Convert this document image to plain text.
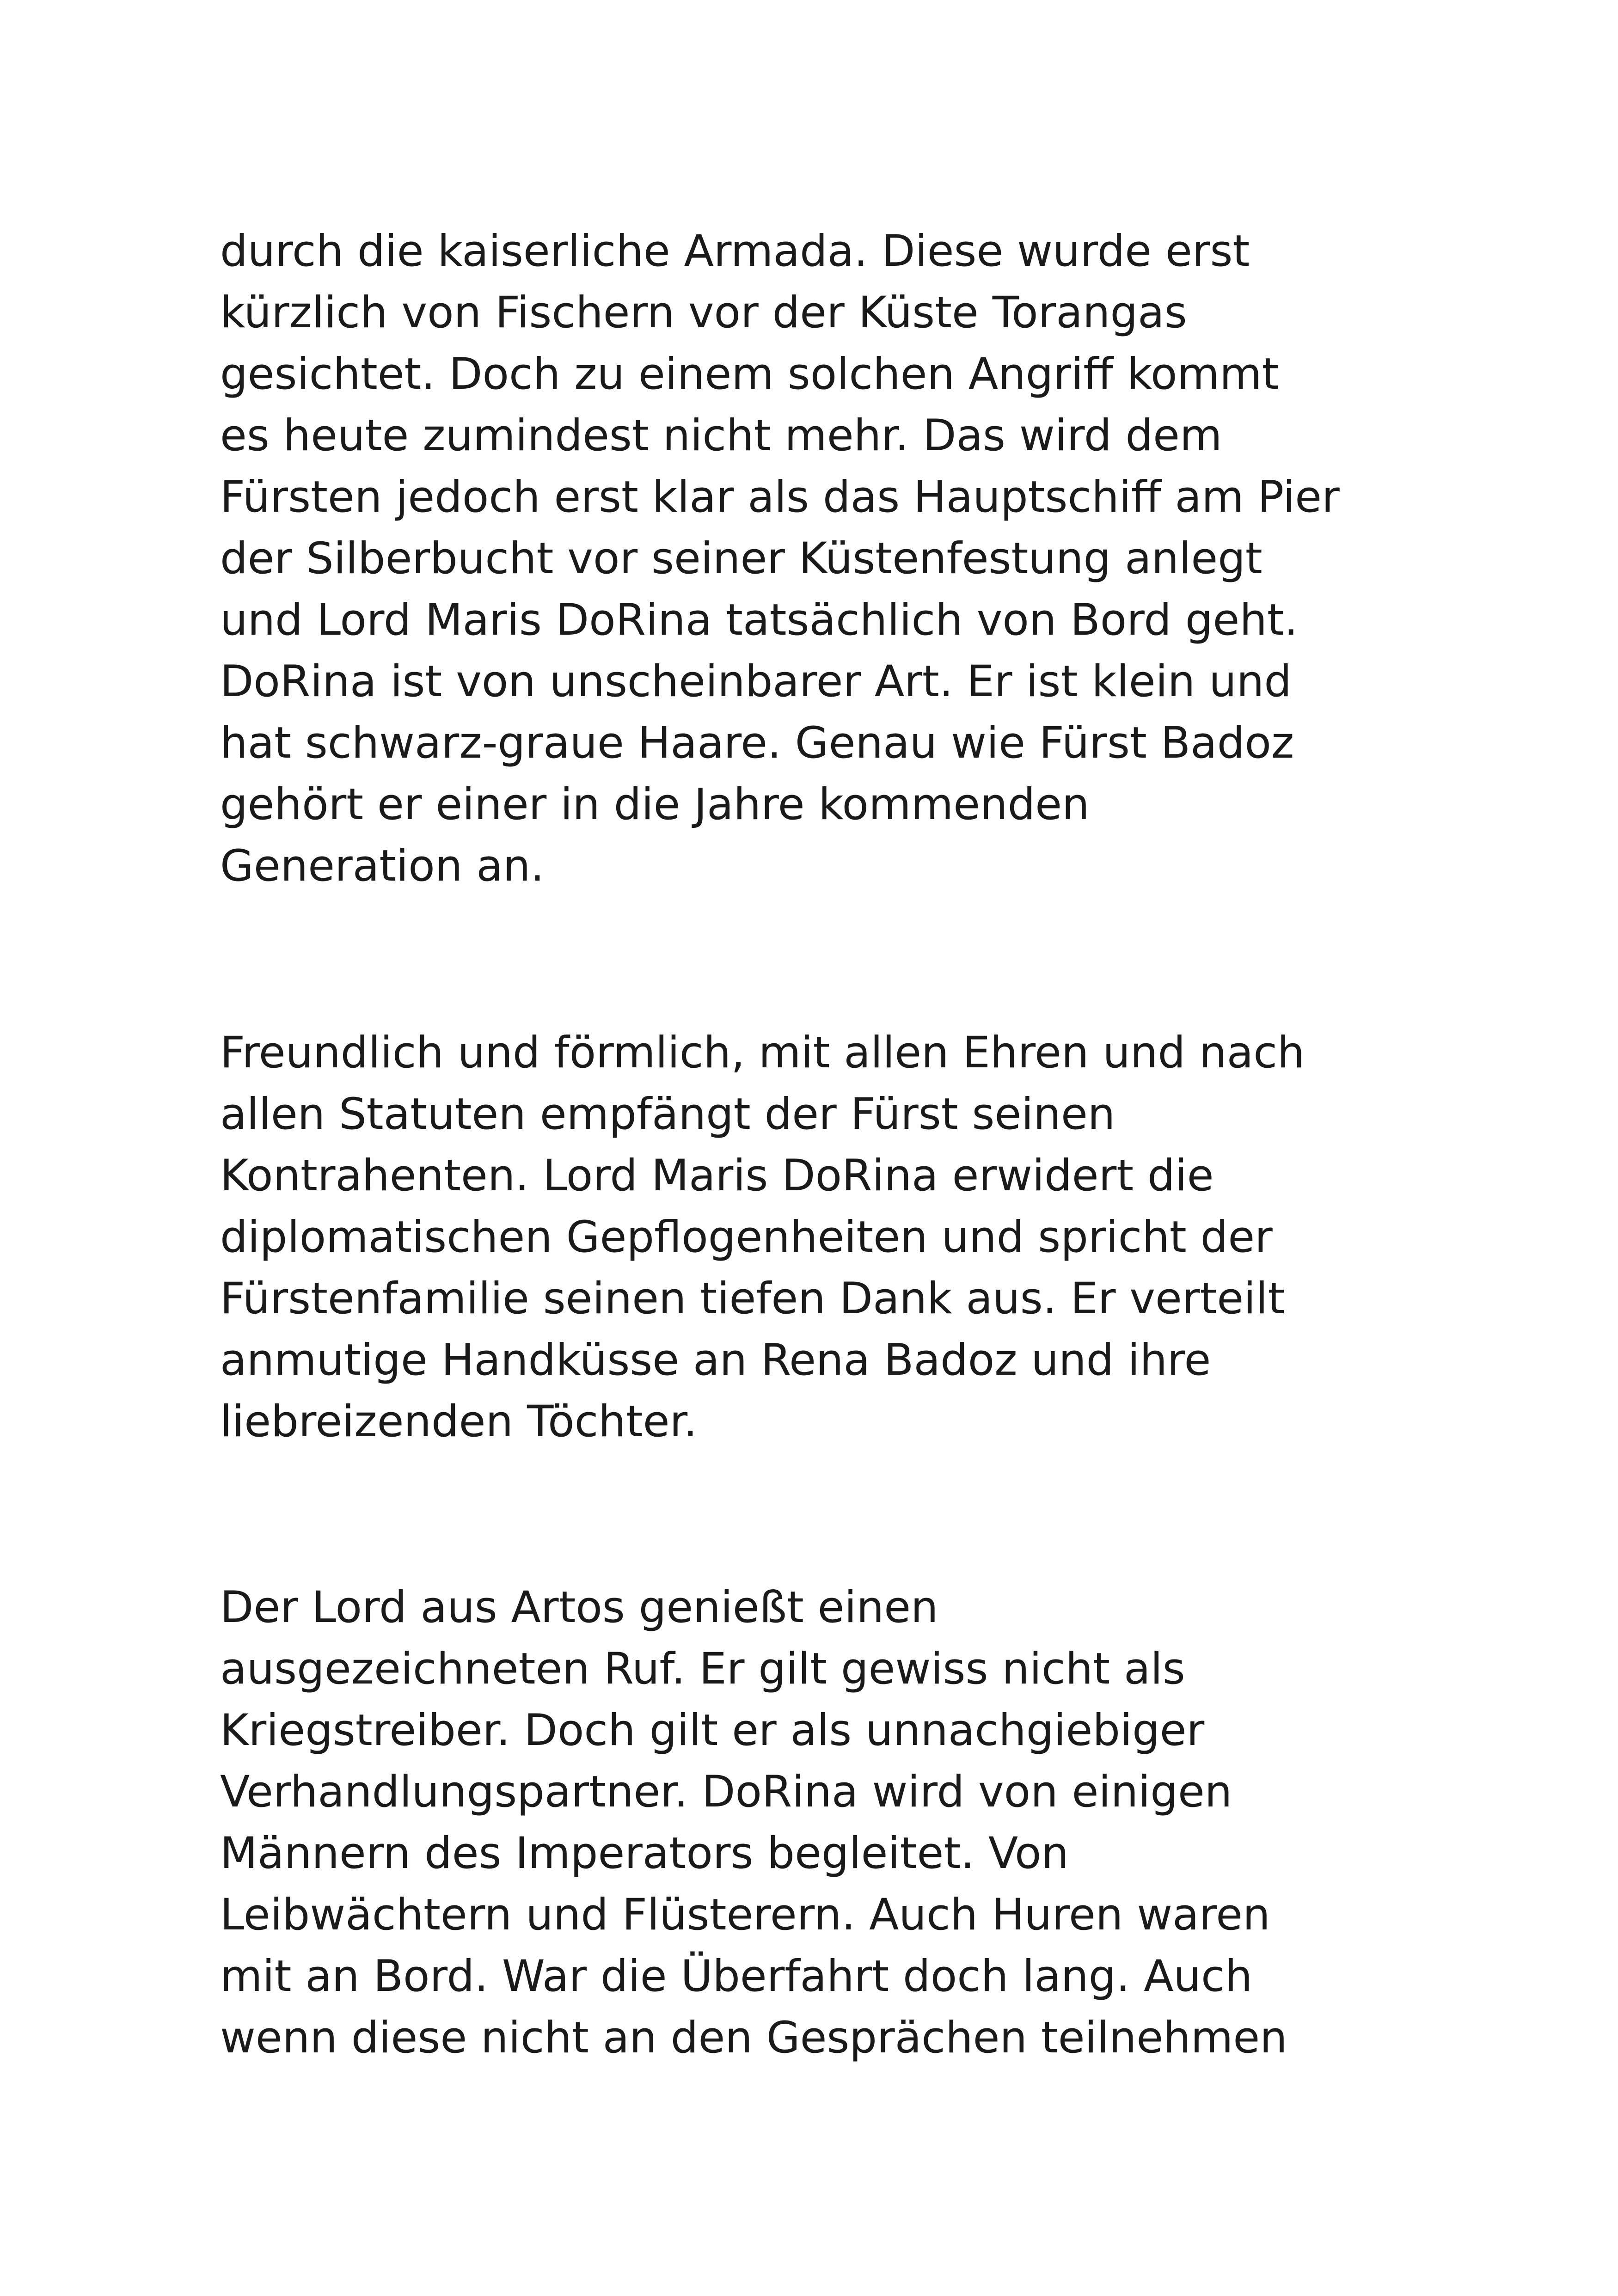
durch die kaiserliche Armada. Diese wurde erst
kürzlich von Fischern vor der Küste Torangas
gesichtet. Doch zu einem solchen Angriff kommt
es heute zumindest nicht mehr. Das wird dem
Fürsten jedoch erst klar als das Hauptschiff am Pier
der Silberbucht vor seiner Küstenfestung anlegt
und Lord Maris DoRina tatsächlich von Bord geht.
DoRina ist von unscheinbarer Art. Er ist klein und
hat schwarz-graue Haare. Genau wie Fürst Badoz
gehört er einer in die Jahre kommenden
Generation an.
Freundlich und förmlich, mit allen Ehren und nach
allen Statuten empfängt der Fürst seinen
Kontrahenten. Lord Maris DoRina erwidert die
diplomatischen Gepflogenheiten und spricht der
Fürstenfamilie seinen tiefen Dank aus. Er verteilt
anmutige Handküsse an Rena Badoz und ihre
liebreizenden Töchter.
Der Lord aus Artos genießt einen
ausgezeichneten Ruf. Er gilt gewiss nicht als
Kriegstreiber. Doch gilt er als unnachgiebiger
Verhandlungspartner. DoRina wird von einigen
Männern des Imperators begleitet. Von
Leibwächtern und Flüsterern. Auch Huren waren
mit an Bord. War die Überfahrt doch lang. Auch
wenn diese nicht an den Gesprächen teilnehmen
